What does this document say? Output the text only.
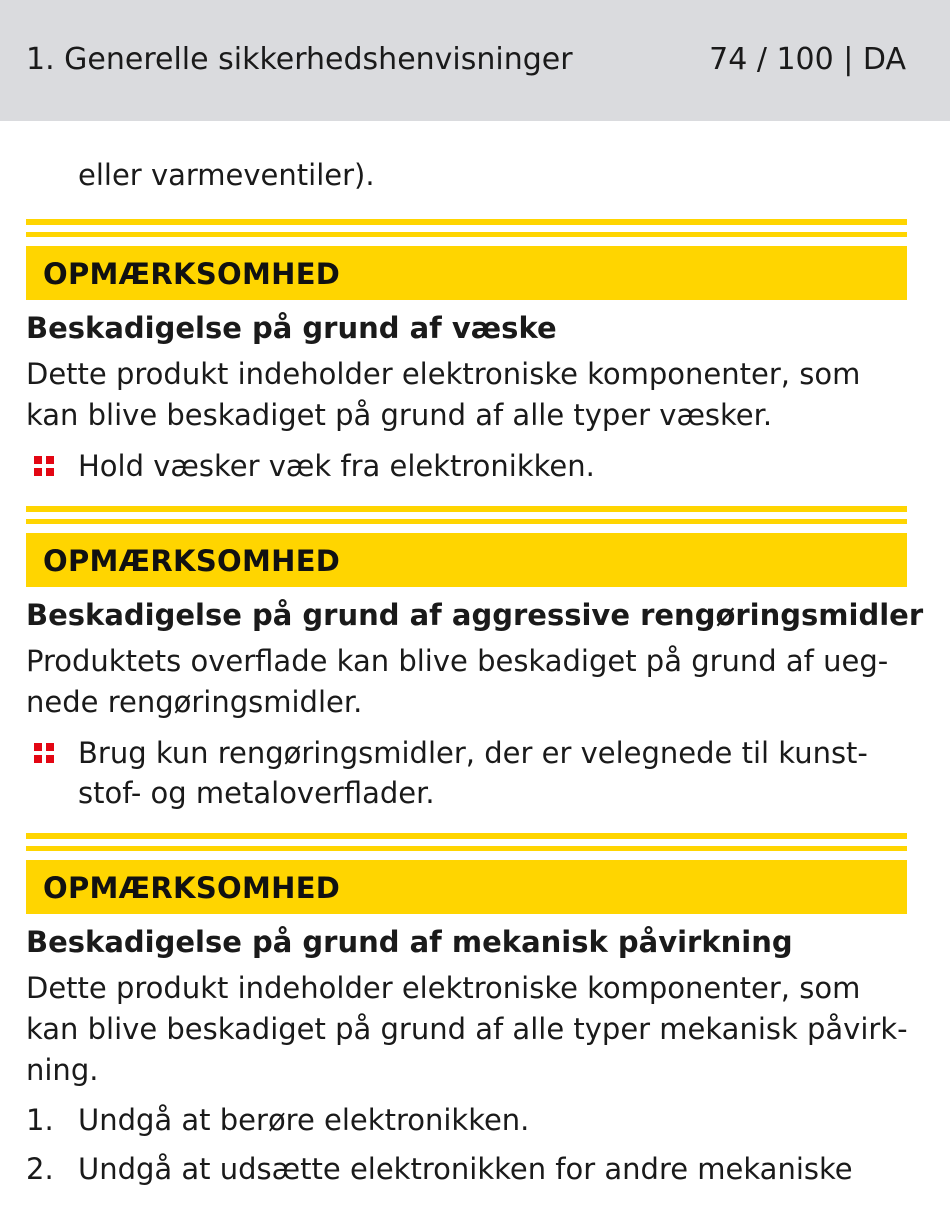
1. Generelle sikkerhedshenvisninger	74 / 100 | DA
eller varmeventiler).
OPMÆRKSOMHED
Beskadigelse på grund af væske
Dette produkt indeholder elektroniske komponenter, som
kan blive beskadiget på grund af alle typer væsker.
Hold væsker væk fra elektronikken.
OPMÆRKSOMHED
Beskadigelse på grund af aggressive rengøringsmidler
Produktets overflade kan blive beskadiget på grund af ueg-
nede rengøringsmidler.
Brug kun rengøringsmidler, der er velegnede til kunst-
stof- og metaloverflader.
OPMÆRKSOMHED
Beskadigelse på grund af mekanisk påvirkning
Dette produkt indeholder elektroniske komponenter, som
kan blive beskadiget på grund af alle typer mekanisk påvirk-
ning.
1. Undgå at berøre elektronikken.
2. Undgå at udsætte elektronikken for andre mekaniske
